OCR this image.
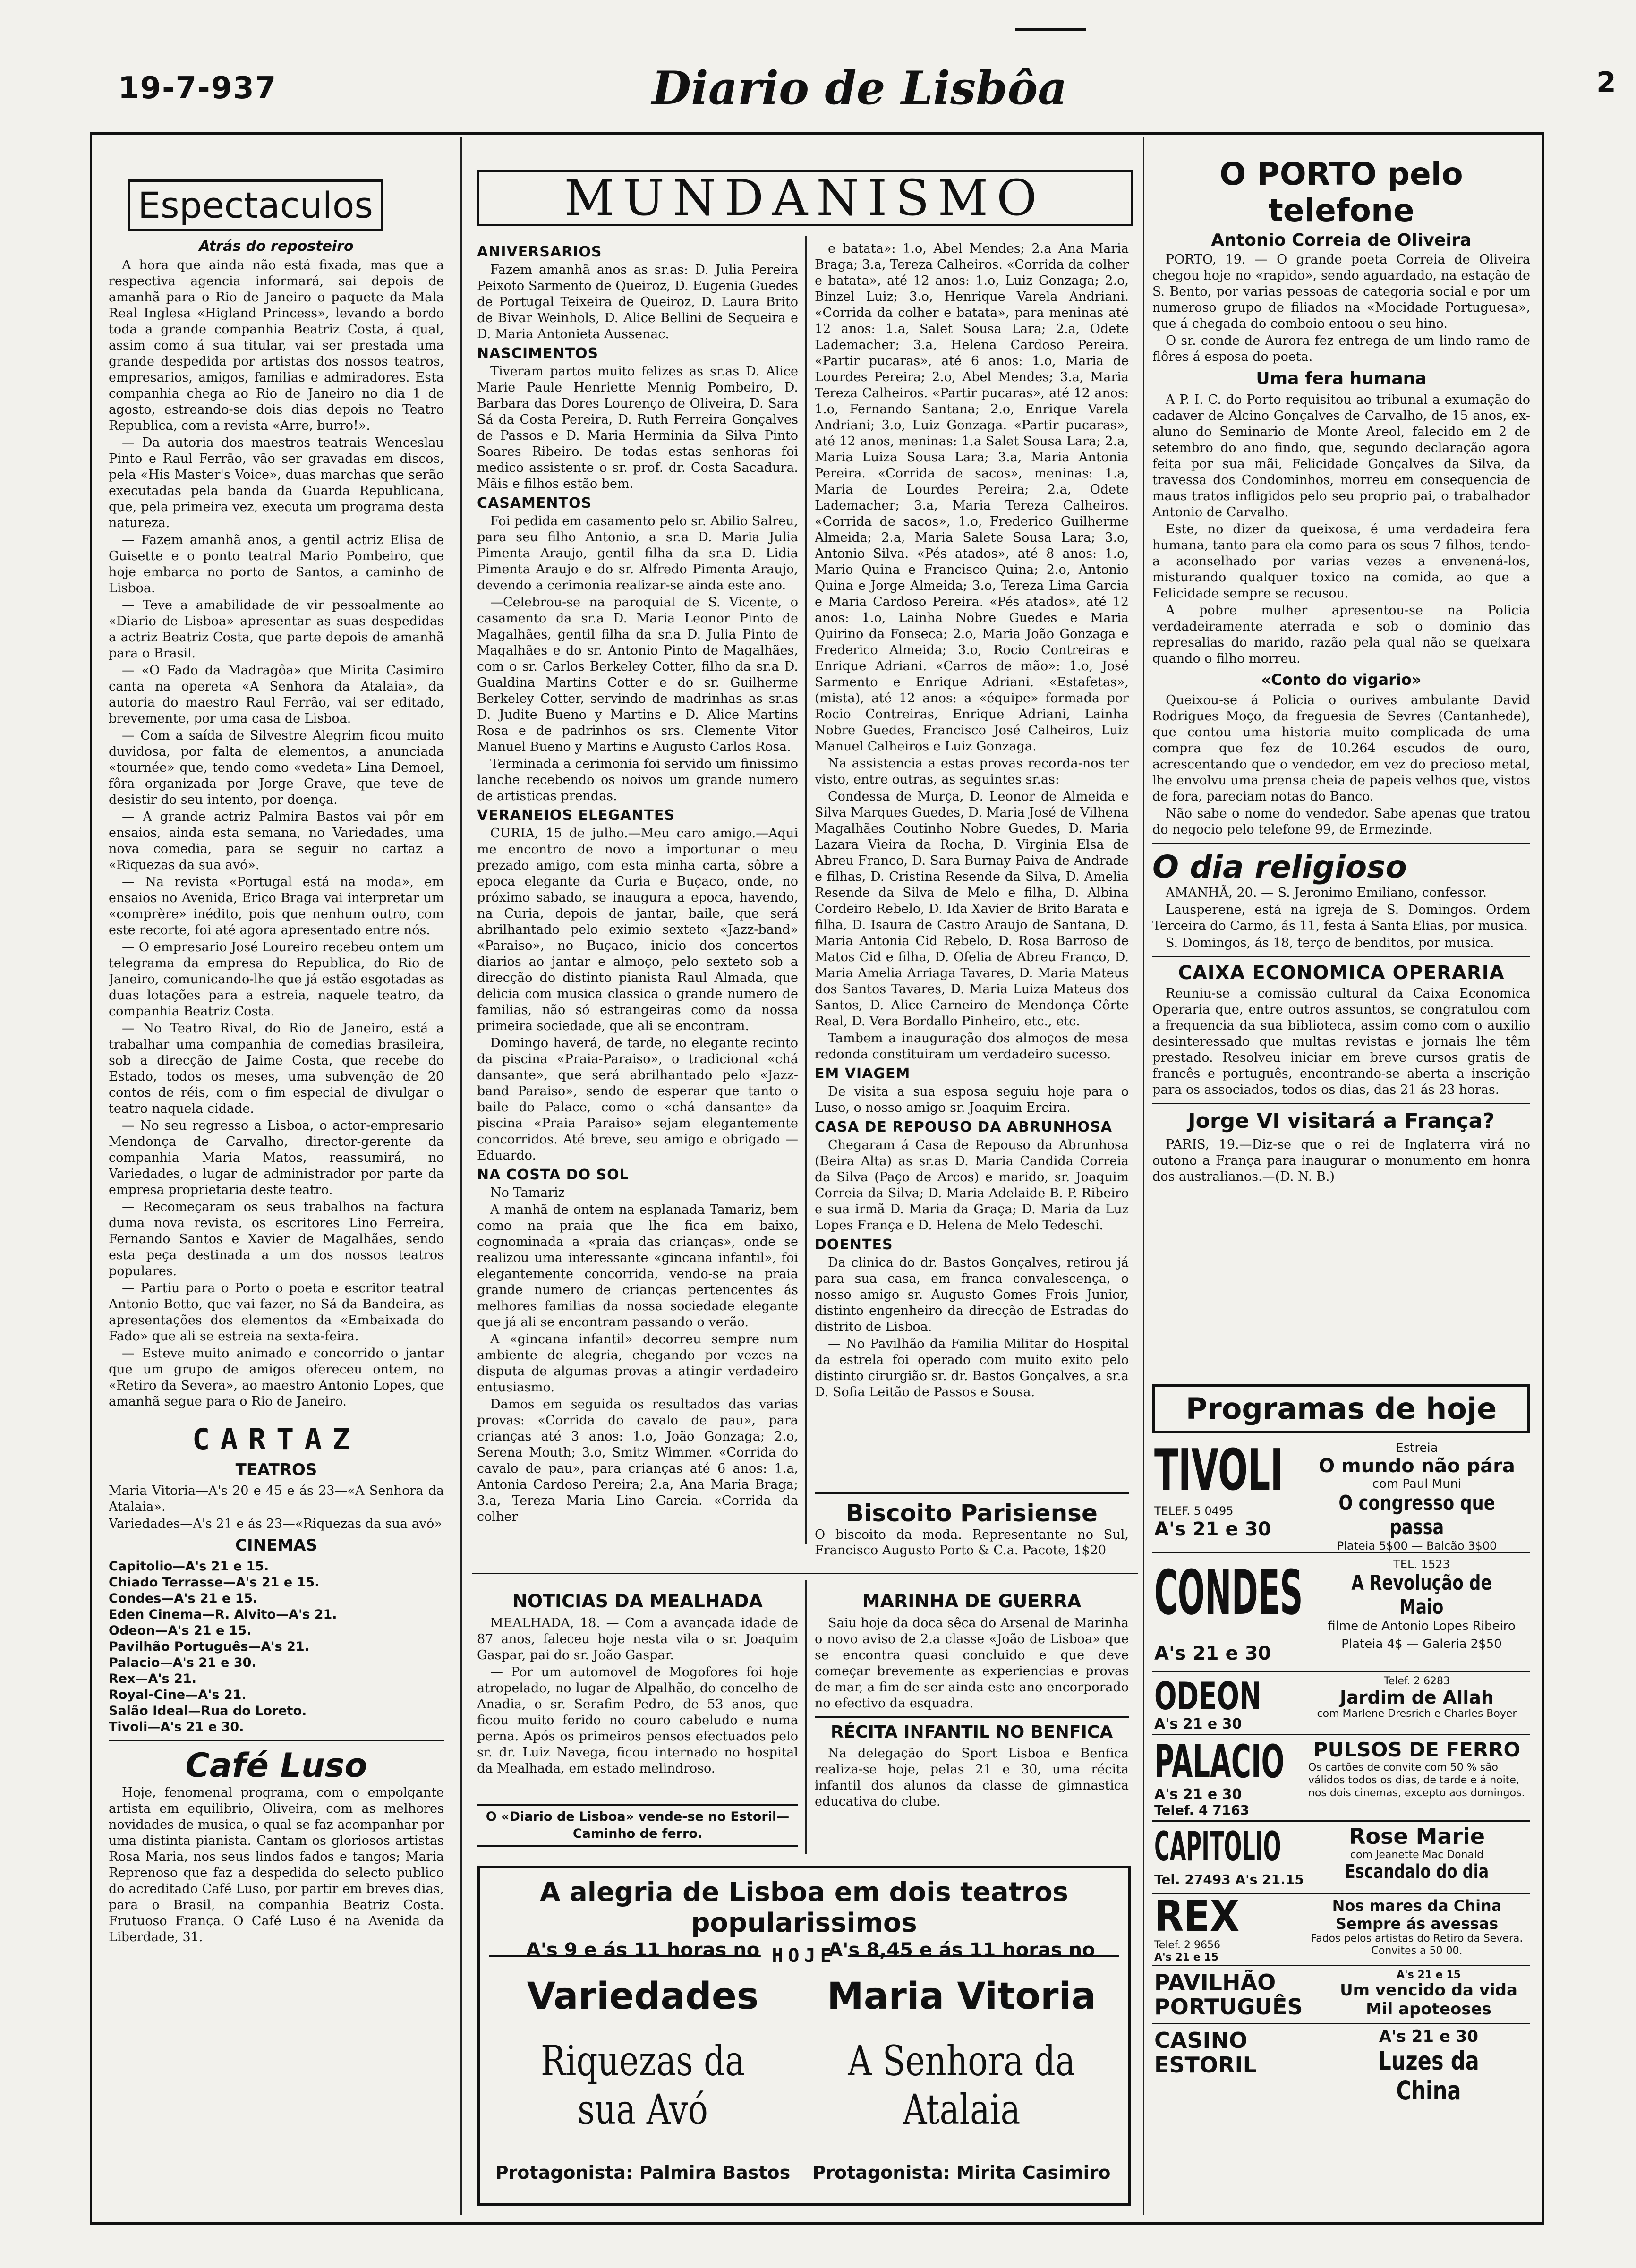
19-7-937	Diario de Lisbôa	2
Espectaculos
Atrás do reposteiro

A hora que ainda não está fixada, mas que a respectiva agencia informará, sai depois de amanhã para o Rio de Janeiro o paquete da Mala Real Inglesa «Higland Princess», levando a bordo toda a grande companhia Beatriz Costa, á qual, assim como á sua titular, vai ser prestada uma grande despedida por artistas dos nossos teatros, empresarios, amigos, familias e admiradores. Esta companhia chega ao Rio de Janeiro no dia 1 de agosto, estreando-se dois dias depois no Teatro Republica, com a revista «Arre, burro!».

— Da autoria dos maestros teatrais Wenceslau Pinto e Raul Ferrão, vão ser gravadas em discos, pela «His Master's Voice», duas marchas que serão executadas pela banda da Guarda Republicana, que, pela primeira vez, executa um programa desta natureza.

— Fazem amanhã anos, a gentil actriz Elisa de Guisette e o ponto teatral Mario Pombeiro, que hoje embarca no porto de Santos, a caminho de Lisboa.

— Teve a amabilidade de vir pessoalmente ao «Diario de Lisboa» apresentar as suas despedidas a actriz Beatriz Costa, que parte depois de amanhã para o Brasil.

— «O Fado da Madragôa» que Mirita Casimiro canta na opereta «A Senhora da Atalaia», da autoria do maestro Raul Ferrão, vai ser editado, brevemente, por uma casa de Lisboa.

— Com a saída de Silvestre Alegrim ficou muito duvidosa, por falta de elementos, a anunciada «tournée» que, tendo como «vedeta» Lina Demoel, fôra organizada por Jorge Grave, que teve de desistir do seu intento, por doença.

— A grande actriz Palmira Bastos vai pôr em ensaios, ainda esta semana, no Variedades, uma nova comedia, para se seguir no cartaz a «Riquezas da sua avó».

— Na revista «Portugal está na moda», em ensaios no Avenida, Erico Braga vai interpretar um «comprère» inédito, pois que nenhum outro, com este recorte, foi até agora apresentado entre nós.

— O empresario José Loureiro recebeu ontem um telegrama da empresa do Republica, do Rio de Janeiro, comunicando-lhe que já estão esgotadas as duas lotações para a estreia, naquele teatro, da companhia Beatriz Costa.

— No Teatro Rival, do Rio de Janeiro, está a trabalhar uma companhia de comedias brasileira, sob a direcção de Jaime Costa, que recebe do Estado, todos os meses, uma subvenção de 20 contos de réis, com o fim especial de divulgar o teatro naquela cidade.

— No seu regresso a Lisboa, o actor-empresario Mendonça de Carvalho, director-gerente da companhia Maria Matos, reassumirá, no Variedades, o lugar de administrador por parte da empresa proprietaria deste teatro.

— Recomeçaram os seus trabalhos na factura duma nova revista, os escritores Lino Ferreira, Fernando Santos e Xavier de Magalhães, sendo esta peça destinada a um dos nossos teatros populares.

— Partiu para o Porto o poeta e escritor teatral Antonio Botto, que vai fazer, no Sá da Bandeira, as apresentações dos elementos da «Embaixada do Fado» que ali se estreia na sexta-feira.

— Esteve muito animado e concorrido o jantar que um grupo de amigos ofereceu ontem, no «Retiro da Severa», ao maestro Antonio Lopes, que amanhã segue para o Rio de Janeiro.

CARTAZ
TEATROS

Maria Vitoria—A's 20 e 45 e ás 23—«A Senhora da Atalaia».

Variedades—A's 21 e ás 23—«Riquezas da sua avó»

CINEMAS

Capitolio—A's 21 e 15.

Chiado Terrasse—A's 21 e 15.

Condes—A's 21 e 15.

Eden Cinema—R. Alvito—A's 21.

Odeon—A's 21 e 15.

Pavilhão Português—A's 21.

Palacio—A's 21 e 30.

Rex—A's 21.

Royal-Cine—A's 21.

Salão Ideal—Rua do Loreto.

Tivoli—A's 21 e 30.

Café Luso

Hoje, fenomenal programa, com o empolgante artista em equilibrio, Oliveira, com as melhores novidades de musica, o qual se faz acompanhar por uma distinta pianista. Cantam os gloriosos artistas Rosa Maria, nos seus lindos fados e tangos; Maria Reprenoso que faz a despedida do selecto publico do acreditado Café Luso, por partir em breves dias, para o Brasil, na companhia Beatriz Costa. Frutuoso França. O Café Luso é na Avenida da Liberdade, 31.

MUNDANISMO
ANIVERSARIOS

Fazem amanhã anos as sr.as: D. Julia Pereira Peixoto Sarmento de Queiroz, D. Eugenia Guedes de Portugal Teixeira de Queiroz, D. Laura Brito de Bivar Weinhols, D. Alice Bellini de Sequeira e D. Maria Antonieta Aussenac.

NASCIMENTOS

Tiveram partos muito felizes as sr.as D. Alice Marie Paule Henriette Mennig Pombeiro, D. Barbara das Dores Lourenço de Oliveira, D. Sara Sá da Costa Pereira, D. Ruth Ferreira Gonçalves de Passos e D. Maria Herminia da Silva Pinto Soares Ribeiro. De todas estas senhoras foi medico assistente o sr. prof. dr. Costa Sacadura. Mãis e filhos estão bem.

CASAMENTOS

Foi pedida em casamento pelo sr. Abilio Salreu, para seu filho Antonio, a sr.a D. Maria Julia Pimenta Araujo, gentil filha da sr.a D. Lidia Pimenta Araujo e do sr. Alfredo Pimenta Araujo, devendo a cerimonia realizar-se ainda este ano.

—Celebrou-se na paroquial de S. Vicente, o casamento da sr.a D. Maria Leonor Pinto de Magalhães, gentil filha da sr.a D. Julia Pinto de Magalhães e do sr. Antonio Pinto de Magalhães, com o sr. Carlos Berkeley Cotter, filho da sr.a D. Gualdina Martins Cotter e do sr. Guilherme Berkeley Cotter, servindo de madrinhas as sr.as D. Judite Bueno y Martins e D. Alice Martins Rosa e de padrinhos os srs. Clemente Vitor Manuel Bueno y Martins e Augusto Carlos Rosa.

Terminada a cerimonia foi servido um finissimo lanche recebendo os noivos um grande numero de artisticas prendas.

VERANEIOS ELEGANTES

CURIA, 15 de julho.—Meu caro amigo.—Aqui me encontro de novo a importunar o meu prezado amigo, com esta minha carta, sôbre a epoca elegante da Curia e Buçaco, onde, no próximo sabado, se inaugura a epoca, havendo, na Curia, depois de jantar, baile, que será abrilhantado pelo eximio sexteto «Jazz-band» «Paraiso», no Buçaco, inicio dos concertos diarios ao jantar e almoço, pelo sexteto sob a direcção do distinto pianista Raul Almada, que delicia com musica classica o grande numero de familias, não só estrangeiras como da nossa primeira sociedade, que ali se encontram.

Domingo haverá, de tarde, no elegante recinto da piscina «Praia-Paraiso», o tradicional «chá dansante», que será abrilhantado pelo «Jazz-band Paraiso», sendo de esperar que tanto o baile do Palace, como o «chá dansante» da piscina «Praia Paraiso» sejam elegantemente concorridos. Até breve, seu amigo e obrigado — Eduardo.

NA COSTA DO SOL

No Tamariz

A manhã de ontem na esplanada Tamariz, bem como na praia que lhe fica em baixo, cognominada a «praia das crianças», onde se realizou uma interessante «gincana infantil», foi elegantemente concorrida, vendo-se na praia grande numero de crianças pertencentes ás melhores familias da nossa sociedade elegante que já ali se encontram passando o verão.

A «gincana infantil» decorreu sempre num ambiente de alegria, chegando por vezes na disputa de algumas provas a atingir verdadeiro entusiasmo.

Damos em seguida os resultados das varias provas: «Corrida do cavalo de pau», para crianças até 3 anos: 1.o, João Gonzaga; 2.o, Serena Mouth; 3.o, Smitz Wimmer. «Corrida do cavalo de pau», para crianças até 6 anos: 1.a, Antonia Cardoso Pereira; 2.a, Ana Maria Braga; 3.a, Tereza Maria Lino Garcia. «Corrida da colher

e batata»: 1.o, Abel Mendes; 2.a Ana Maria Braga; 3.a, Tereza Calheiros. «Corrida da colher e batata», até 12 anos: 1.o, Luiz Gonzaga; 2.o, Binzel Luiz; 3.o, Henrique Varela Andriani. «Corrida da colher e batata», para meninas até 12 anos: 1.a, Salet Sousa Lara; 2.a, Odete Lademacher; 3.a, Helena Cardoso Pereira. «Partir pucaras», até 6 anos: 1.o, Maria de Lourdes Pereira; 2.o, Abel Mendes; 3.a, Maria Tereza Calheiros. «Partir pucaras», até 12 anos: 1.o, Fernando Santana; 2.o, Enrique Varela Andriani; 3.o, Luiz Gonzaga. «Partir pucaras», até 12 anos, meninas: 1.a Salet Sousa Lara; 2.a, Maria Luiza Sousa Lara; 3.a, Maria Antonia Pereira. «Corrida de sacos», meninas: 1.a, Maria de Lourdes Pereira; 2.a, Odete Lademacher; 3.a, Maria Tereza Calheiros. «Corrida de sacos», 1.o, Frederico Guilherme Almeida; 2.a, Maria Salete Sousa Lara; 3.o, Antonio Silva. «Pés atados», até 8 anos: 1.o, Mario Quina e Francisco Quina; 2.o, Antonio Quina e Jorge Almeida; 3.o, Tereza Lima Garcia e Maria Cardoso Pereira. «Pés atados», até 12 anos: 1.o, Lainha Nobre Guedes e Maria Quirino da Fonseca; 2.o, Maria João Gonzaga e Frederico Almeida; 3.o, Rocio Contreiras e Enrique Adriani. «Carros de mão»: 1.o, José Sarmento e Enrique Adriani. «Estafetas», (mista), até 12 anos: a «équipe» formada por Rocio Contreiras, Enrique Adriani, Lainha Nobre Guedes, Francisco José Calheiros, Luiz Manuel Calheiros e Luiz Gonzaga.

Na assistencia a estas provas recorda-nos ter visto, entre outras, as seguintes sr.as:

Condessa de Murça, D. Leonor de Almeida e Silva Marques Guedes, D. Maria José de Vilhena Magalhães Coutinho Nobre Guedes, D. Maria Lazara Vieira da Rocha, D. Virginia Elsa de Abreu Franco, D. Sara Burnay Paiva de Andrade e filhas, D. Cristina Resende da Silva, D. Amelia Resende da Silva de Melo e filha, D. Albina Cordeiro Rebelo, D. Ida Xavier de Brito Barata e filha, D. Isaura de Castro Araujo de Santana, D. Maria Antonia Cid Rebelo, D. Rosa Barroso de Matos Cid e filha, D. Ofelia de Abreu Franco, D. Maria Amelia Arriaga Tavares, D. Maria Mateus dos Santos Tavares, D. Maria Luiza Mateus dos Santos, D. Alice Carneiro de Mendonça Côrte Real, D. Vera Bordallo Pinheiro, etc., etc.

Tambem a inauguração dos almoços de mesa redonda constituiram um verdadeiro sucesso.

EM VIAGEM

De visita a sua esposa seguiu hoje para o Luso, o nosso amigo sr. Joaquim Ercira.

CASA DE REPOUSO DA ABRUNHOSA

Chegaram á Casa de Repouso da Abrunhosa (Beira Alta) as sr.as D. Maria Candida Correia da Silva (Paço de Arcos) e marido, sr. Joaquim Correia da Silva; D. Maria Adelaide B. P. Ribeiro e sua irmã D. Maria da Graça; D. Maria da Luz Lopes França e D. Helena de Melo Tedeschi.

DOENTES

Da clinica do dr. Bastos Gonçalves, retirou já para sua casa, em franca convalescença, o nosso amigo sr. Augusto Gomes Frois Junior, distinto engenheiro da direcção de Estradas do distrito de Lisboa.

— No Pavilhão da Familia Militar do Hospital da estrela foi operado com muito exito pelo distinto cirurgião sr. dr. Bastos Gonçalves, a sr.a D. Sofia Leitão de Passos e Sousa.

Biscoito Parisiense
O biscoito da moda. Representante no Sul, Francisco Augusto Porto & C.a. Pacote, 1$20
NOTICIAS DA MEALHADA

MEALHADA, 18. — Com a avançada idade de 87 anos, faleceu hoje nesta vila o sr. Joaquim Gaspar, pai do sr. João Gaspar.

— Por um automovel de Mogofores foi hoje atropelado, no lugar de Alpalhão, do concelho de Anadia, o sr. Serafim Pedro, de 53 anos, que ficou muito ferido no couro cabeludo e numa perna. Após os primeiros pensos efectuados pelo sr. dr. Luiz Navega, ficou internado no hospital da Mealhada, em estado melindroso.

MARINHA DE GUERRA

Saiu hoje da doca sêca do Arsenal de Marinha o novo aviso de 2.a classe «João de Lisboa» que se encontra quasi concluido e que deve começar brevemente as experiencias e provas de mar, a fim de ser ainda este ano encorporado no efectivo da esquadra.

RÉCITA INFANTIL NO BENFICA

Na delegação do Sport Lisboa e Benfica realiza-se hoje, pelas 21 e 30, uma récita infantil dos alunos da classe de gimnastica educativa do clube.

O «Diario de Lisboa» vende-se no Estoril—Caminho de ferro.
A alegria de Lisboa em dois teatros popularissimos
HOJE
A's 9 e ás 11 horas no
Variedades
Riquezas da sua Avó
Protagonista: Palmira Bastos
A's 8,45 e ás 11 horas no
Maria Vitoria
A Senhora da Atalaia
Protagonista: Mirita Casimiro
O PORTO pelo telefone
Antonio Correia de Oliveira

PORTO, 19. — O grande poeta Correia de Oliveira chegou hoje no «rapido», sendo aguardado, na estação de S. Bento, por varias pessoas de categoria social e por um numeroso grupo de filiados na «Mocidade Portuguesa», que á chegada do comboio entoou o seu hino.

O sr. conde de Aurora fez entrega de um lindo ramo de flôres á esposa do poeta.

Uma fera humana

A P. I. C. do Porto requisitou ao tribunal a exumação do cadaver de Alcino Gonçalves de Carvalho, de 15 anos, ex-aluno do Seminario de Monte Areol, falecido em 2 de setembro do ano findo, que, segundo declaração agora feita por sua mãi, Felicidade Gonçalves da Silva, da travessa dos Condominhos, morreu em consequencia de maus tratos infligidos pelo seu proprio pai, o trabalhador Antonio de Carvalho.

Este, no dizer da queixosa, é uma verdadeira fera humana, tanto para ela como para os seus 7 filhos, tendo-a aconselhado por varias vezes a envenená-los, misturando qualquer toxico na comida, ao que a Felicidade sempre se recusou.

A pobre mulher apresentou-se na Policia verdadeiramente aterrada e sob o dominio das represalias do marido, razão pela qual não se queixara quando o filho morreu.

«Conto do vigario»

Queixou-se á Policia o ourives ambulante David Rodrigues Moço, da freguesia de Sevres (Cantanhede), que contou uma historia muito complicada de uma compra que fez de 10.264 escudos de ouro, acrescentando que o vendedor, em vez do precioso metal, lhe envolvu uma prensa cheia de papeis velhos que, vistos de fora, pareciam notas do Banco.

Não sabe o nome do vendedor. Sabe apenas que tratou do negocio pelo telefone 99, de Ermezinde.

O dia religioso

AMANHÃ, 20. — S. Jeronimo Emiliano, confessor.

Lausperene, está na igreja de S. Domingos. Ordem Terceira do Carmo, ás 11, festa á Santa Elias, por musica.

S. Domingos, ás 18, terço de benditos, por musica.

CAIXA ECONOMICA OPERARIA

Reuniu-se a comissão cultural da Caixa Economica Operaria que, entre outros assuntos, se congratulou com a frequencia da sua biblioteca, assim como com o auxilio desinteressado que multas revistas e jornais lhe têm prestado. Resolveu iniciar em breve cursos gratis de francês e português, encontrando-se aberta a inscrição para os associados, todos os dias, das 21 ás 23 horas.

Jorge VI visitará a França?

PARIS, 19.—Diz-se que o rei de Inglaterra virá no outono a França para inaugurar o monumento em honra dos australianos.—(D. N. B.)

Programas de hoje
TIVOLI
TELEF. 5 0495
A's 21 e 30
Estreia
O mundo não pára
com Paul Muni
O congresso que passa
Plateia 5$00 — Balcão 3$00
CONDES
A's 21 e 30
TEL. 1523
A Revolução de Maio
filme de Antonio Lopes Ribeiro
Plateia 4$ — Galeria 2$50
ODEON
A's 21 e 30
Telef. 2 6283
Jardim de Allah
com Marlene Dresrich e Charles Boyer
PALACIO
A's 21 e 30
Telef. 4 7163
PULSOS DE FERRO
Os cartões de convite com 50 % são válidos todos os dias, de tarde e á noite, nos dois cinemas, excepto aos domingos.
CAPITOLIO
Tel. 27493 A's 21.15
Rose Marie
com Jeanette Mac Donald
Escandalo do dia
REX
Telef. 2 9656
A's 21 e 15
Nos mares da China
Sempre ás avessas
Fados pelos artistas do Retiro da Severa. Convites a 50 00.
PAVILHÃO PORTUGUÊS
A's 21 e 15
Um vencido da vida
Mil apoteoses
CASINO ESTORIL
A's 21 e 30
Luzes da China
